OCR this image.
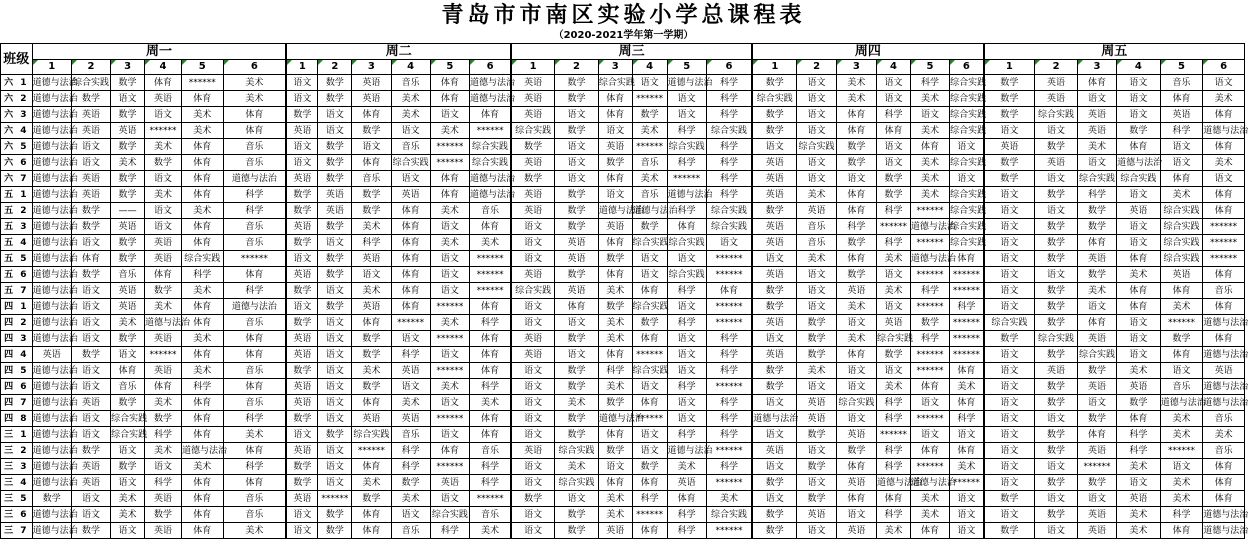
青岛市市南区实验小学总课程表
（2020-2021学年第一学期）
班级	周一						周二						周三						周四						周五					
	1	2	3	4	5	6	1	2	3	4	5	6	1	2	3	4	5	6	1	2	3	4	5	6	1	2	3	4	5	6
六 1	道德与法治	综合实践	数学	体育	******	美术	语文	数学	英语	音乐	体育	道德与法治	英语	数学	综合实践	语文	道德与法治	科学	数学	语文	美术	语文	科学	综合实践	数学	英语	体育	语文	音乐	语文
六 2	道德与法治	数学	语文	英语	体育	美术	语文	数学	英语	美术	体育	道德与法治	英语	数学	体育	******	语文	科学	综合实践	语文	美术	语文	美术	综合实践	数学	英语	语文	语文	体育	美术
六 3	道德与法治	英语	数学	语文	美术	体育	数学	语文	体育	美术	语文	体育	英语	语文	体育	数学	语文	科学	数学	语文	体育	科学	语文	综合实践	数学	综合实践	英语	语文	英语	体育
六 4	道德与法治	英语	英语	******	美术	体育	英语	语文	数学	语文	美术	******	综合实践	数学	语文	美术	科学	综合实践	数学	语文	体育	体育	美术	综合实践	语文	语文	英语	数学	科学	道德与法治
六 5	道德与法治	语文	数学	美术	体育	音乐	语文	数学	语文	音乐	******	综合实践	数学	语文	英语	******	综合实践	科学	语文	综合实践	数学	语文	体育	语文	英语	数学	美术	体育	语文	体育
六 6	道德与法治	语文	美术	数学	体育	音乐	语文	数学	体育	综合实践	******	综合实践	英语	语文	数学	音乐	科学	科学	英语	语文	数学	语文	美术	综合实践	数学	英语	语文	道德与法治	语文	美术
六 7	道德与法治	英语	数学	语文	体育	道德与法治	英语	数学	音乐	语文	体育	道德与法治	数学	语文	体育	美术	******	科学	英语	语文	语文	数学	美术	语文	数学	语文	综合实践	综合实践	体育	语文
五 1	道德与法治	英语	数学	美术	体育	科学	数学	英语	数学	英语	体育	道德与法治	英语	数学	语文	音乐	道德与法治	科学	英语	美术	体育	数学	美术	综合实践	语文	数学	科学	语文	美术	体育
五 2	道德与法治	数学	——	语文	美术	科学	数学	英语	数学	体育	美术	音乐	英语	数学	道德与法治	道德与法治	科学	综合实践	数学	英语	体育	科学	******	综合实践	语文	语文	数学	英语	综合实践	体育
五 3	道德与法治	数学	英语	语文	体育	音乐	英语	数学	美术	体育	语文	体育	语文	数学	英语	数学	体育	综合实践	英语	音乐	科学	******	道德与法治	综合实践	语文	数学	数学	语文	综合实践	******
五 4	道德与法治	语文	数学	英语	体育	音乐	数学	语文	科学	体育	美术	美术	语文	英语	体育	综合实践	综合实践	语文	英语	音乐	数学	科学	******	综合实践	语文	数学	体育	语文	综合实践	******
五 5	道德与法治	体育	数学	英语	综合实践	******	语文	数学	英语	体育	语文	******	语文	英语	数学	语文	语文	******	语文	美术	体育	美术	道德与法治	体育	语文	数学	英语	体育	综合实践	******
五 6	道德与法治	数学	音乐	体育	科学	体育	英语	数学	语文	体育	语文	******	英语	数学	体育	语文	综合实践	******	英语	语文	数学	语文	******	******	语文	语文	数学	美术	英语	体育
五 7	道德与法治	语文	英语	数学	美术	科学	数学	语文	美术	体育	语文	******	综合实践	英语	美术	体育	科学	体育	数学	语文	英语	美术	科学	******	语文	数学	美术	体育	体育	音乐
四 1	道德与法治	语文	英语	美术	体育	道德与法治	语文	数学	英语	体育	******	体育	语文	体育	数学	综合实践	语文	******	数学	语文	美术	语文	******	科学	语文	数学	语文	体育	美术	体育
四 2	道德与法治	语文	美术	道德与法治	体育	音乐	数学	语文	体育	******	美术	科学	语文	语文	美术	数学	科学	******	英语	数学	语文	英语	数学	******	综合实践	数学	体育	语文	******	道德与法治
四 3	道德与法治	语文	数学	英语	美术	体育	英语	语文	数学	语文	******	体育	英语	数学	美术	体育	语文	科学	语文	数学	美术	综合实践	科学	******	数学	综合实践	英语	语文	数学	体育
四 4	英语	数学	语文	******	体育	体育	英语	语文	数学	科学	语文	体育	英语	语文	体育	******	语文	科学	英语	数学	体育	数学	******	******	语文	数学	综合实践	语文	体育	道德与法治
四 5	道德与法治	语文	体育	英语	美术	音乐	数学	语文	美术	英语	******	体育	语文	数学	科学	综合实践	语文	科学	数学	美术	语文	语文	******	体育	语文	英语	数学	美术	语文	英语
四 6	道德与法治	语文	音乐	体育	科学	体育	英语	语文	数学	语文	美术	科学	语文	数学	美术	语文	科学	******	数学	语文	语文	美术	体育	美术	语文	数学	英语	英语	音乐	道德与法治
四 7	道德与法治	英语	数学	美术	体育	音乐	英语	语文	体育	美术	语文	美术	语文	美术	数学	体育	语文	科学	语文	英语	综合实践	科学	语文	体育	语文	数学	语文	数学	道德与法治	道德与法治
四 8	道德与法治	语文	综合实践	数学	体育	科学	数学	语文	英语	英语	******	体育	语文	数学	道德与法治	******	语文	科学	道德与法治	英语	语文	科学	******	科学	语文	语文	数学	体育	美术	音乐
三 1	道德与法治	语文	综合实践	科学	体育	美术	语文	数学	综合实践	音乐	语文	体育	语文	数学	体育	语文	科学	科学	语文	数学	英语	******	语文	语文	语文	数学	体育	科学	美术	美术
三 2	道德与法治	数学	语文	美术	道德与法治	体育	英语	语文	******	科学	体育	音乐	英语	综合实践	数学	语文	道德与法治	******	英语	语文	数学	科学	体育	体育	语文	数学	英语	科学	******	音乐
三 3	道德与法治	英语	数学	语文	美术	科学	数学	语文	体育	科学	******	科学	语文	美术	语文	数学	美术	科学	语文	数学	体育	科学	******	美术	语文	语文	******	美术	语文	体育
三 4	道德与法治	英语	语文	科学	体育	体育	数学	语文	美术	数学	英语	科学	语文	综合实践	体育	体育	英语	******	数学	语文	英语	道德与法治	道德与法治	******	语文	数学	数学	语文	美术	体育
三 5	数学	语文	美术	英语	体育	音乐	英语	******	数学	美术	语文	******	数学	语文	美术	科学	体育	美术	语文	数学	体育	体育	美术	语文	数学	语文	语文	英语	美术	体育
三 6	道德与法治	语文	美术	数学	体育	音乐	语文	数学	体育	语文	综合实践	音乐	语文	数学	美术	******	科学	综合实践	数学	英语	语文	科学	美术	语文	语文	数学	英语	美术	科学	道德与法治
三 7	道德与法治	数学	语文	英语	体育	美术	语文	数学	体育	音乐	科学	美术	语文	数学	英语	体育	科学	******	数学	语文	英语	美术	体育	语文	数学	语文	英语	美术	体育	道德与法治
